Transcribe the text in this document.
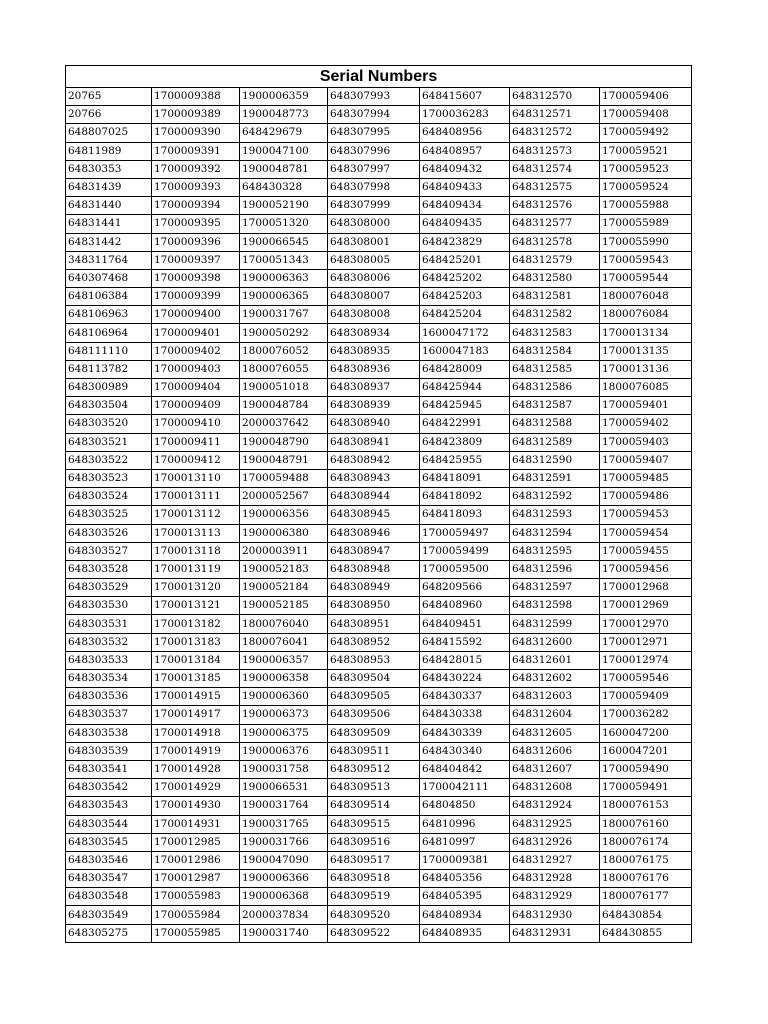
Serial Numbers						
20765	1700009388	1900006359	648307993	648415607	648312570	1700059406
20766	1700009389	1900048773	648307994	1700036283	648312571	1700059408
648807025	1700009390	648429679	648307995	648408956	648312572	1700059492
64811989	1700009391	1900047100	648307996	648408957	648312573	1700059521
64830353	1700009392	1900048781	648307997	648409432	648312574	1700059523
64831439	1700009393	648430328	648307998	648409433	648312575	1700059524
64831440	1700009394	1900052190	648307999	648409434	648312576	1700055988
64831441	1700009395	1700051320	648308000	648409435	648312577	1700055989
64831442	1700009396	1900066545	648308001	648423829	648312578	1700055990
348311764	1700009397	1700051343	648308005	648425201	648312579	1700059543
640307468	1700009398	1900006363	648308006	648425202	648312580	1700059544
648106384	1700009399	1900006365	648308007	648425203	648312581	1800076048
648106963	1700009400	1900031767	648308008	648425204	648312582	1800076084
648106964	1700009401	1900050292	648308934	1600047172	648312583	1700013134
648111110	1700009402	1800076052	648308935	1600047183	648312584	1700013135
648113782	1700009403	1800076055	648308936	648428009	648312585	1700013136
648300989	1700009404	1900051018	648308937	648425944	648312586	1800076085
648303504	1700009409	1900048784	648308939	648425945	648312587	1700059401
648303520	1700009410	2000037642	648308940	648422991	648312588	1700059402
648303521	1700009411	1900048790	648308941	648423809	648312589	1700059403
648303522	1700009412	1900048791	648308942	648425955	648312590	1700059407
648303523	1700013110	1700059488	648308943	648418091	648312591	1700059485
648303524	1700013111	2000052567	648308944	648418092	648312592	1700059486
648303525	1700013112	1900006356	648308945	648418093	648312593	1700059453
648303526	1700013113	1900006380	648308946	1700059497	648312594	1700059454
648303527	1700013118	2000003911	648308947	1700059499	648312595	1700059455
648303528	1700013119	1900052183	648308948	1700059500	648312596	1700059456
648303529	1700013120	1900052184	648308949	648209566	648312597	1700012968
648303530	1700013121	1900052185	648308950	648408960	648312598	1700012969
648303531	1700013182	1800076040	648308951	648409451	648312599	1700012970
648303532	1700013183	1800076041	648308952	648415592	648312600	1700012971
648303533	1700013184	1900006357	648308953	648428015	648312601	1700012974
648303534	1700013185	1900006358	648309504	648430224	648312602	1700059546
648303536	1700014915	1900006360	648309505	648430337	648312603	1700059409
648303537	1700014917	1900006373	648309506	648430338	648312604	1700036282
648303538	1700014918	1900006375	648309509	648430339	648312605	1600047200
648303539	1700014919	1900006376	648309511	648430340	648312606	1600047201
648303541	1700014928	1900031758	648309512	648404842	648312607	1700059490
648303542	1700014929	1900066531	648309513	1700042111	648312608	1700059491
648303543	1700014930	1900031764	648309514	64804850	648312924	1800076153
648303544	1700014931	1900031765	648309515	64810996	648312925	1800076160
648303545	1700012985	1900031766	648309516	64810997	648312926	1800076174
648303546	1700012986	1900047090	648309517	1700009381	648312927	1800076175
648303547	1700012987	1900006366	648309518	648405356	648312928	1800076176
648303548	1700055983	1900006368	648309519	648405395	648312929	1800076177
648303549	1700055984	2000037834	648309520	648408934	648312930	648430854
648305275	1700055985	1900031740	648309522	648408935	648312931	648430855
